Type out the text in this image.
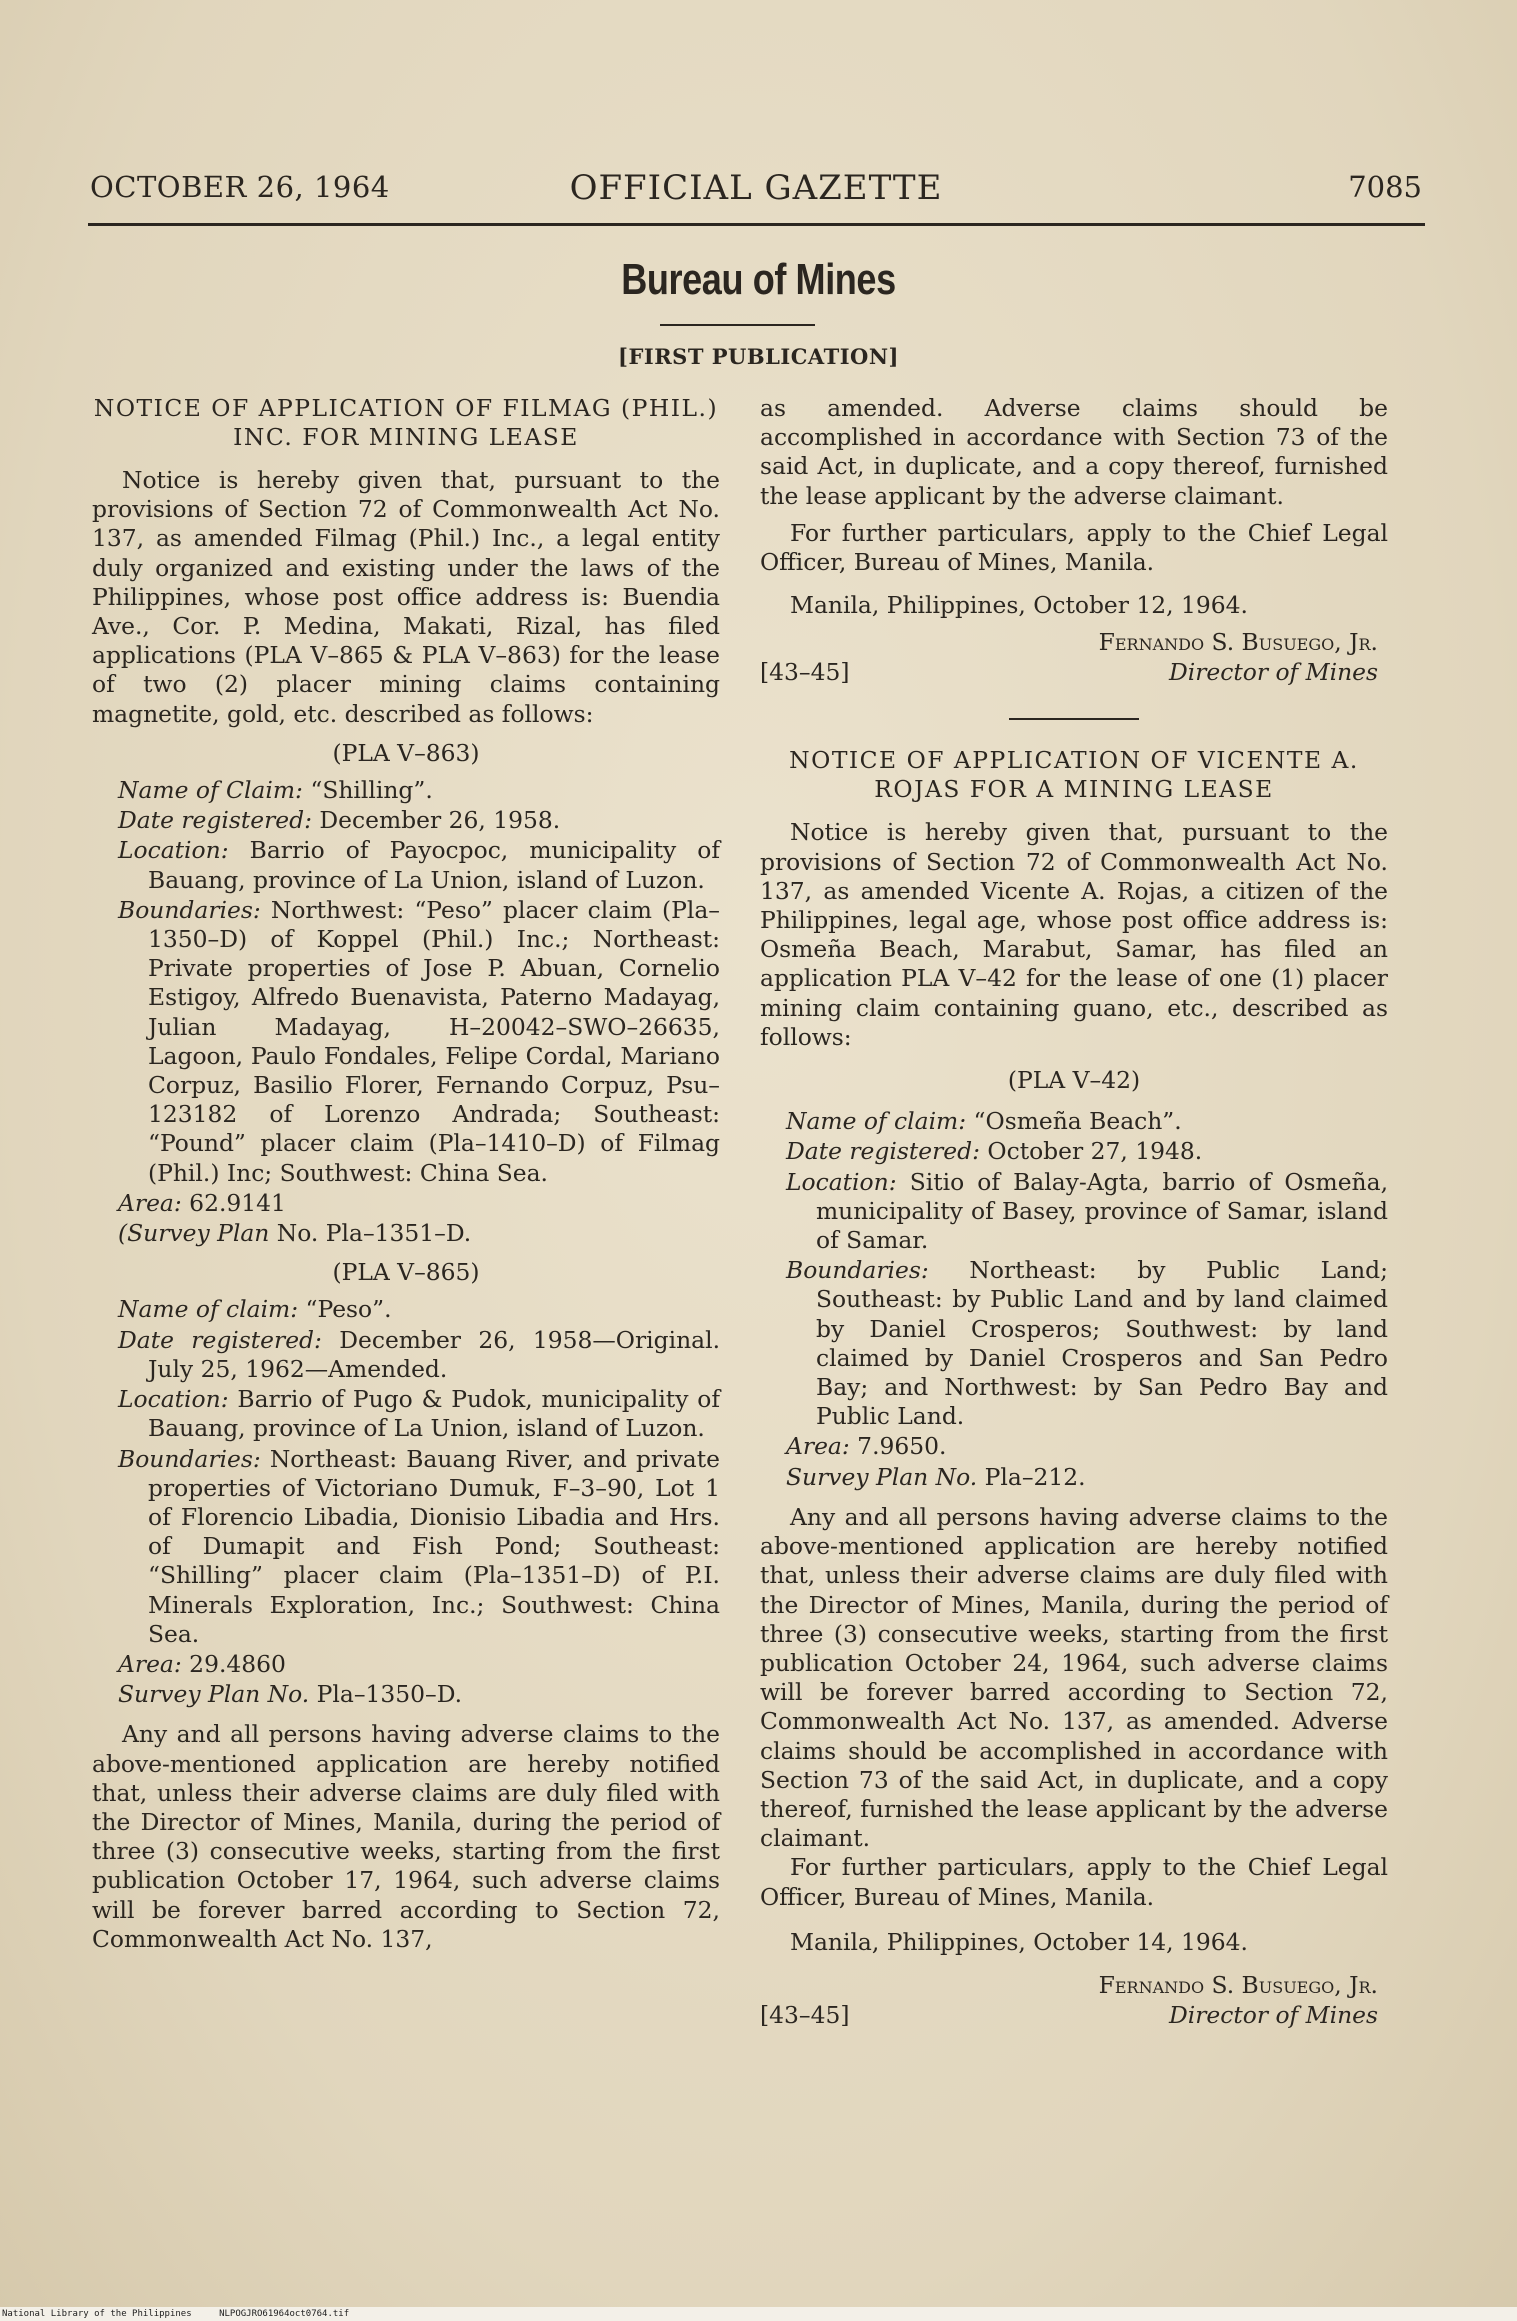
OCTOBER 26, 1964	OFFICIAL GAZETTE	7085
Bureau of Mines
[FIRST PUBLICATION]

NOTICE OF APPLICATION OF FILMAG (PHIL.) INC. FOR MINING LEASE

Notice is hereby given that, pursuant to the provisions of Section 72 of Commonwealth Act No. 137, as amended Filmag (Phil.) Inc., a legal entity duly organized and existing under the laws of the Philippines, whose post office address is: Buendia Ave., Cor. P. Medina, Makati, Rizal, has filed applications (PLA V–865 & PLA V–863) for the lease of two (2) placer mining claims containing magnetite, gold, etc. described as follows:

(PLA V–863)

Name of Claim: “Shilling”.

Date registered: December 26, 1958.

Location: Barrio of Payocpoc, municipality of Bauang, province of La Union, island of Luzon.

Boundaries: Northwest: “Peso” placer claim (Pla–1350–D) of Koppel (Phil.) Inc.; Northeast: Private properties of Jose P. Abuan, Cornelio Estigoy, Alfredo Buenavista, Paterno Madayag, Julian Madayag, H–20042–SWO–26635, Lagoon, Paulo Fondales, Felipe Cordal, Mariano Corpuz, Basilio Florer, Fernando Corpuz, Psu–123182 of Lorenzo Andrada; Southeast: “Pound” placer claim (Pla–1410–D) of Filmag (Phil.) Inc; Southwest: China Sea.

Area: 62.9141

(Survey Plan No. Pla–1351–D.

(PLA V–865)

Name of claim: “Peso”.

Date registered: December 26, 1958—Original. July 25, 1962—Amended.

Location: Barrio of Pugo & Pudok, municipality of Bauang, province of La Union, island of Luzon.

Boundaries: Northeast: Bauang River, and private properties of Victoriano Dumuk, F–3–90, Lot 1 of Florencio Libadia, Dionisio Libadia and Hrs. of Dumapit and Fish Pond; Southeast: “Shilling” placer claim (Pla–1351–D) of P.I. Minerals Exploration, Inc.; Southwest: China Sea.

Area: 29.4860

Survey Plan No. Pla–1350–D.

Any and all persons having adverse claims to the above-mentioned application are hereby notified that, unless their adverse claims are duly filed with the Director of Mines, Manila, during the period of three (3) consecutive weeks, starting from the first publication October 17, 1964, such adverse claims will be forever barred according to Section 72, Commonwealth Act No. 137,

as amended. Adverse claims should be accomplished in accordance with Section 73 of the said Act, in duplicate, and a copy thereof, furnished the lease applicant by the adverse claimant.

For further particulars, apply to the Chief Legal Officer, Bureau of Mines, Manila.

Manila, Philippines, October 12, 1964.

Fernando S. Busuego, Jr.
[43–45]	Director of Mines

NOTICE OF APPLICATION OF VICENTE A. ROJAS FOR A MINING LEASE

Notice is hereby given that, pursuant to the provisions of Section 72 of Commonwealth Act No. 137, as amended Vicente A. Rojas, a citizen of the Philippines, legal age, whose post office address is: Osmeña Beach, Marabut, Samar, has filed an application PLA V–42 for the lease of one (1) placer mining claim containing guano, etc., described as follows:

(PLA V–42)

Name of claim: “Osmeña Beach”.

Date registered: October 27, 1948.

Location: Sitio of Balay-Agta, barrio of Osmeña, municipality of Basey, province of Samar, island of Samar.

Boundaries: Northeast: by Public Land; Southeast: by Public Land and by land claimed by Daniel Crosperos; Southwest: by land claimed by Daniel Crosperos and San Pedro Bay; and Northwest: by San Pedro Bay and Public Land.

Area: 7.9650.

Survey Plan No. Pla–212.

Any and all persons having adverse claims to the above-mentioned application are hereby notified that, unless their adverse claims are duly filed with the Director of Mines, Manila, during the period of three (3) consecutive weeks, starting from the first publication October 24, 1964, such adverse claims will be forever barred according to Section 72, Commonwealth Act No. 137, as amended. Adverse claims should be accomplished in accordance with Section 73 of the said Act, in duplicate, and a copy thereof, furnished the lease applicant by the adverse claimant.

For further particulars, apply to the Chief Legal Officer, Bureau of Mines, Manila.

Manila, Philippines, October 14, 1964.

Fernando S. Busuego, Jr.
[43–45]	Director of Mines
National Library of the Philippines	NLPOGJRO61964oct0764.tif
